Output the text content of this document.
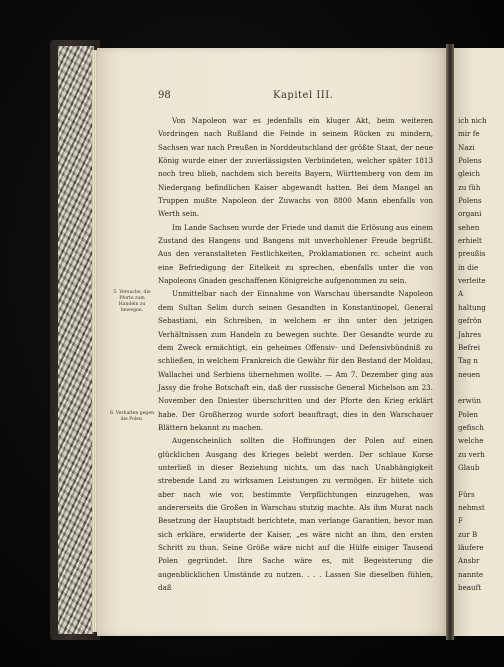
98	Kapitel III.

Von Napoleon war es jedenfalls ein kluger Akt, beim weiteren Vordringen nach Rußland die Feinde in seinem Rücken zu mindern, Sachsen war nach Preußen in Norddeutschland der größte Staat, der neue König wurde einer der zuverlässigsten Verbündeten, welcher später 1813 noch treu blieb, nachdem sich bereits Bayern, Württemberg von dem im Niedergang befindlichen Kaiser abgewandt hatten. Bei dem Mangel an Truppen mußte Napoleon der Zuwachs von 8800 Mann ebenfalls von Werth sein.

Im Lande Sachsen wurde der Friede und damit die Erlösung aus einem Zustand des Hangens und Bangens mit unverhohlener Freude begrüßt. Aus den veranstalteten Festlichkeiten, Proklamationen rc. scheint auch eine Befriedigung der Eitelkeit zu sprechen, ebenfalls unter die von Napoleons Gnaden geschaffenen Königreiche aufgenommen zu sein.

Unmittelbar nach der Einnahme von Warschau übersandte Napoleon dem Sultan Selim durch seinen Gesandten in Konstantinopel, General Sebastiani, ein Schreiben, in welchem er ihn unter den jetzigen Verhältnissen zum Handeln zu bewegen suchte. Der Gesandte wurde zu dem Zweck ermächtigt, ein geheimes Offensiv- und Defensivbündniß zu schließen, in welchem Frankreich die Gewähr für den Bestand der Moldau, Wallachei und Serbiens übernehmen wollte. — Am 7. Dezember ging aus Jassy die frohe Botschaft ein, daß der russische General Michelson am 23. November den Dniester überschritten und der Pforte den Krieg erklärt habe. Der Großherzog wurde sofort beauftragt, dies in den Warschauer Blättern bekannt zu machen.

Augenscheinlich sollten die Hoffnungen der Polen auf einen glücklichen Ausgang des Krieges belebt werden. Der schlaue Korse unterließ in dieser Beziehung nichts, um das nach Unabhängigkeit strebende Land zu wirksamen Leistungen zu vermögen. Er hütete sich aber nach wie vor, bestimmte Verpflichtungen einzugehen, was andererseits die Großen in Warschau stutzig machte. Als ihm Murat nach Besetzung der Hauptstadt berichtete, man verlange Garantien, bevor man sich erkläre, erwiderte der Kaiser, „es wäre nicht an ihm, den ersten Schritt zu thun. Seine Größe wäre nicht auf die Hülfe einiger Tausend Polen gegründet. Ihre Sache wäre es, mit Begeisterung die augenblicklichen Umstände zu nutzen. . . . Lassen Sie dieselben fühlen, daß

5. Versuche, die Pforte zum Handeln zu bewegen.
6. Verhalten gegen die Polen.
ich nich
mir fe
Nazi
Polens
gleich
zu füh
Polens
organi
sehen
erhielt
preußis
in die
verleite
A
haltung
gefrön
Jahres
Befrei
Tag n
neuen
erwün
Polen
gefisch
welche
zu verh
Glaub
Fürs
nehmst
F
zur B
läufere
Ansbr
nannte
beauft
